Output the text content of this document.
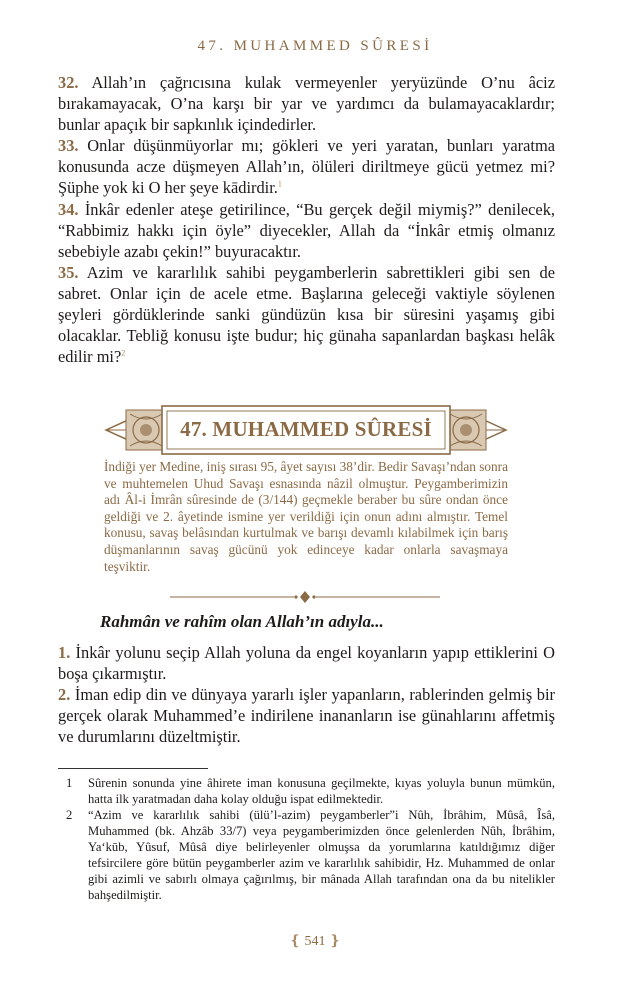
47. MUHAMMED SÛRESİ

32. Allah’ın çağrıcısına kulak vermeyenler yeryüzünde O’nu âciz bırakamayacak, O’na karşı bir yar ve yardımcı da bulamayacaklardır; bunlar apaçık bir sapkınlık içindedirler.

33. Onlar düşünmüyorlar mı; gökleri ve yeri yaratan, bunları yaratma konusunda acze düşmeyen Allah’ın, ölüleri diriltmeye gücü yetmez mi? Şüphe yok ki O her şeye kādirdir.$^1$

34. İnkâr edenler ateşe getirilince, “Bu gerçek değil miymiş?” denilecek, “Rabbimiz hakkı için öyle” diyecekler, Allah da “İnkâr etmiş olmanız sebebiyle azabı çekin!” buyuracaktır.

35. Azim ve kararlılık sahibi peygamberlerin sabrettikleri gibi sen de sabret. Onlar için de acele etme. Başlarına geleceği vaktiyle söylenen şeyleri gördüklerinde sanki gündüzün kısa bir süresini yaşamış gibi olacaklar. Tebliğ konusu işte budur; hiç günaha sapanlardan başkası helâk edilir mi?$^2$

47. MUHAMMED SÛRESİ

İndiği yer Medine, iniş sırası 95, âyet sayısı 38’dir. Bedir Savaşı’ndan sonra ve muhtemelen Uhud Savaşı esnasında nâzil olmuştur. Peygamberimizin adı Âl-i İmrân sûresinde de (3/144) geçmekle beraber bu sûre ondan önce geldiği ve 2. âyetinde ismine yer verildiği için onun adını almıştır. Temel konusu, savaş belâsından kurtulmak ve barışı devamlı kılabilmek için barış düşmanlarının savaş gücünü yok edinceye kadar onlarla savaşmaya teşviktir.

Rahmân ve rahîm olan Allah’ın adıyla...

1. İnkâr yolunu seçip Allah yoluna da engel koyanların yapıp ettiklerini O boşa çıkarmıştır.

2. İman edip din ve dünyaya yararlı işler yapanların, rablerinden gelmiş bir gerçek olarak Muhammed’e indirilene inananların ise günahlarını affetmiş ve durumlarını düzeltmiştir.

1	Sûrenin sonunda yine âhirete iman konusuna geçilmekte, kıyas yoluyla bunun mümkün, hatta ilk yaratmadan daha kolay olduğu ispat edilmektedir.

2	“Azim ve kararlılık sahibi (ülü’l-azim) peygamberler”i Nûh, İbrâhim, Mûsâ, Îsâ, Muhammed (bk. Ahzâb 33/7) veya peygamberimizden önce gelenlerden Nûh, İbrâhim, Ya‘kūb, Yûsuf, Mûsâ diye belirleyenler olmuşsa da yorumlarına katıldığımız diğer tefsircilere göre bütün peygamberler azim ve kararlılık sahibidir, Hz. Muhammed de onlar gibi azimli ve sabırlı olmaya çağırılmış, bir mânada Allah tarafından ona da bu nitelikler bahşedilmiştir.

❴ 541 ❵
